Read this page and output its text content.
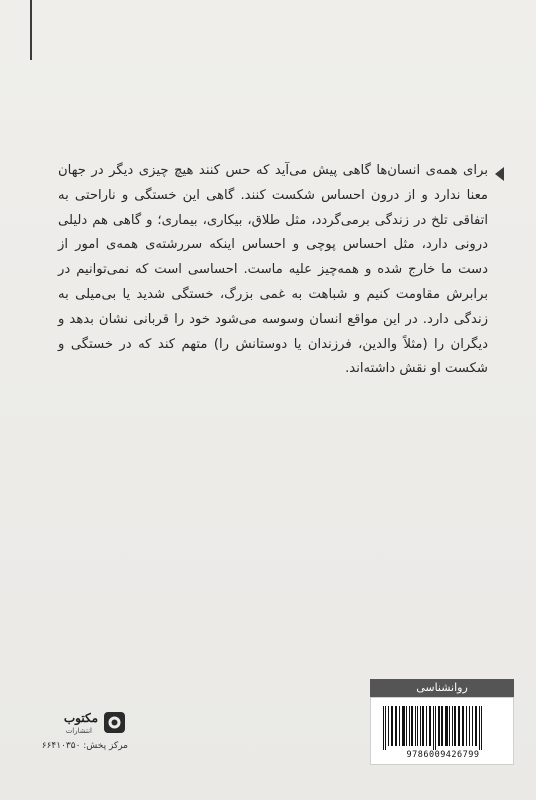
برای همه‌ی انسان‌ها گاهی پیش می‌آید که حس کنند هیچ چیزی دیگر در جهان معنا ندارد و از درون احساس شکست کنند. گاهی این خستگی و ناراحتی به اتفاقی تلخ در زندگی برمی‌گردد، مثل طلاق، بیکاری، بیماری؛ و گاهی هم دلیلی درونی دارد، مثل احساس پوچی و احساس اینکه سررشته‌ی همه‌ی امور از دست ما خارج شده و همه‌چیز علیه ماست. احساسی است که نمی‌توانیم در برابرش مقاومت کنیم و شباهت به غمی بزرگ، خستگی شدید یا بی‌میلی به زندگی دارد. در این مواقع انسان وسوسه می‌شود خود را قربانی نشان بدهد و دیگران را (مثلاً والدین، فرزندان یا دوستانش را) متهم کند که در خستگی و شکست او نقش داشته‌اند.

روانشناسی
9786009426799
مکتوب
انتشارات
مرکز پخش: ۶۶۴۱۰۳۵۰
